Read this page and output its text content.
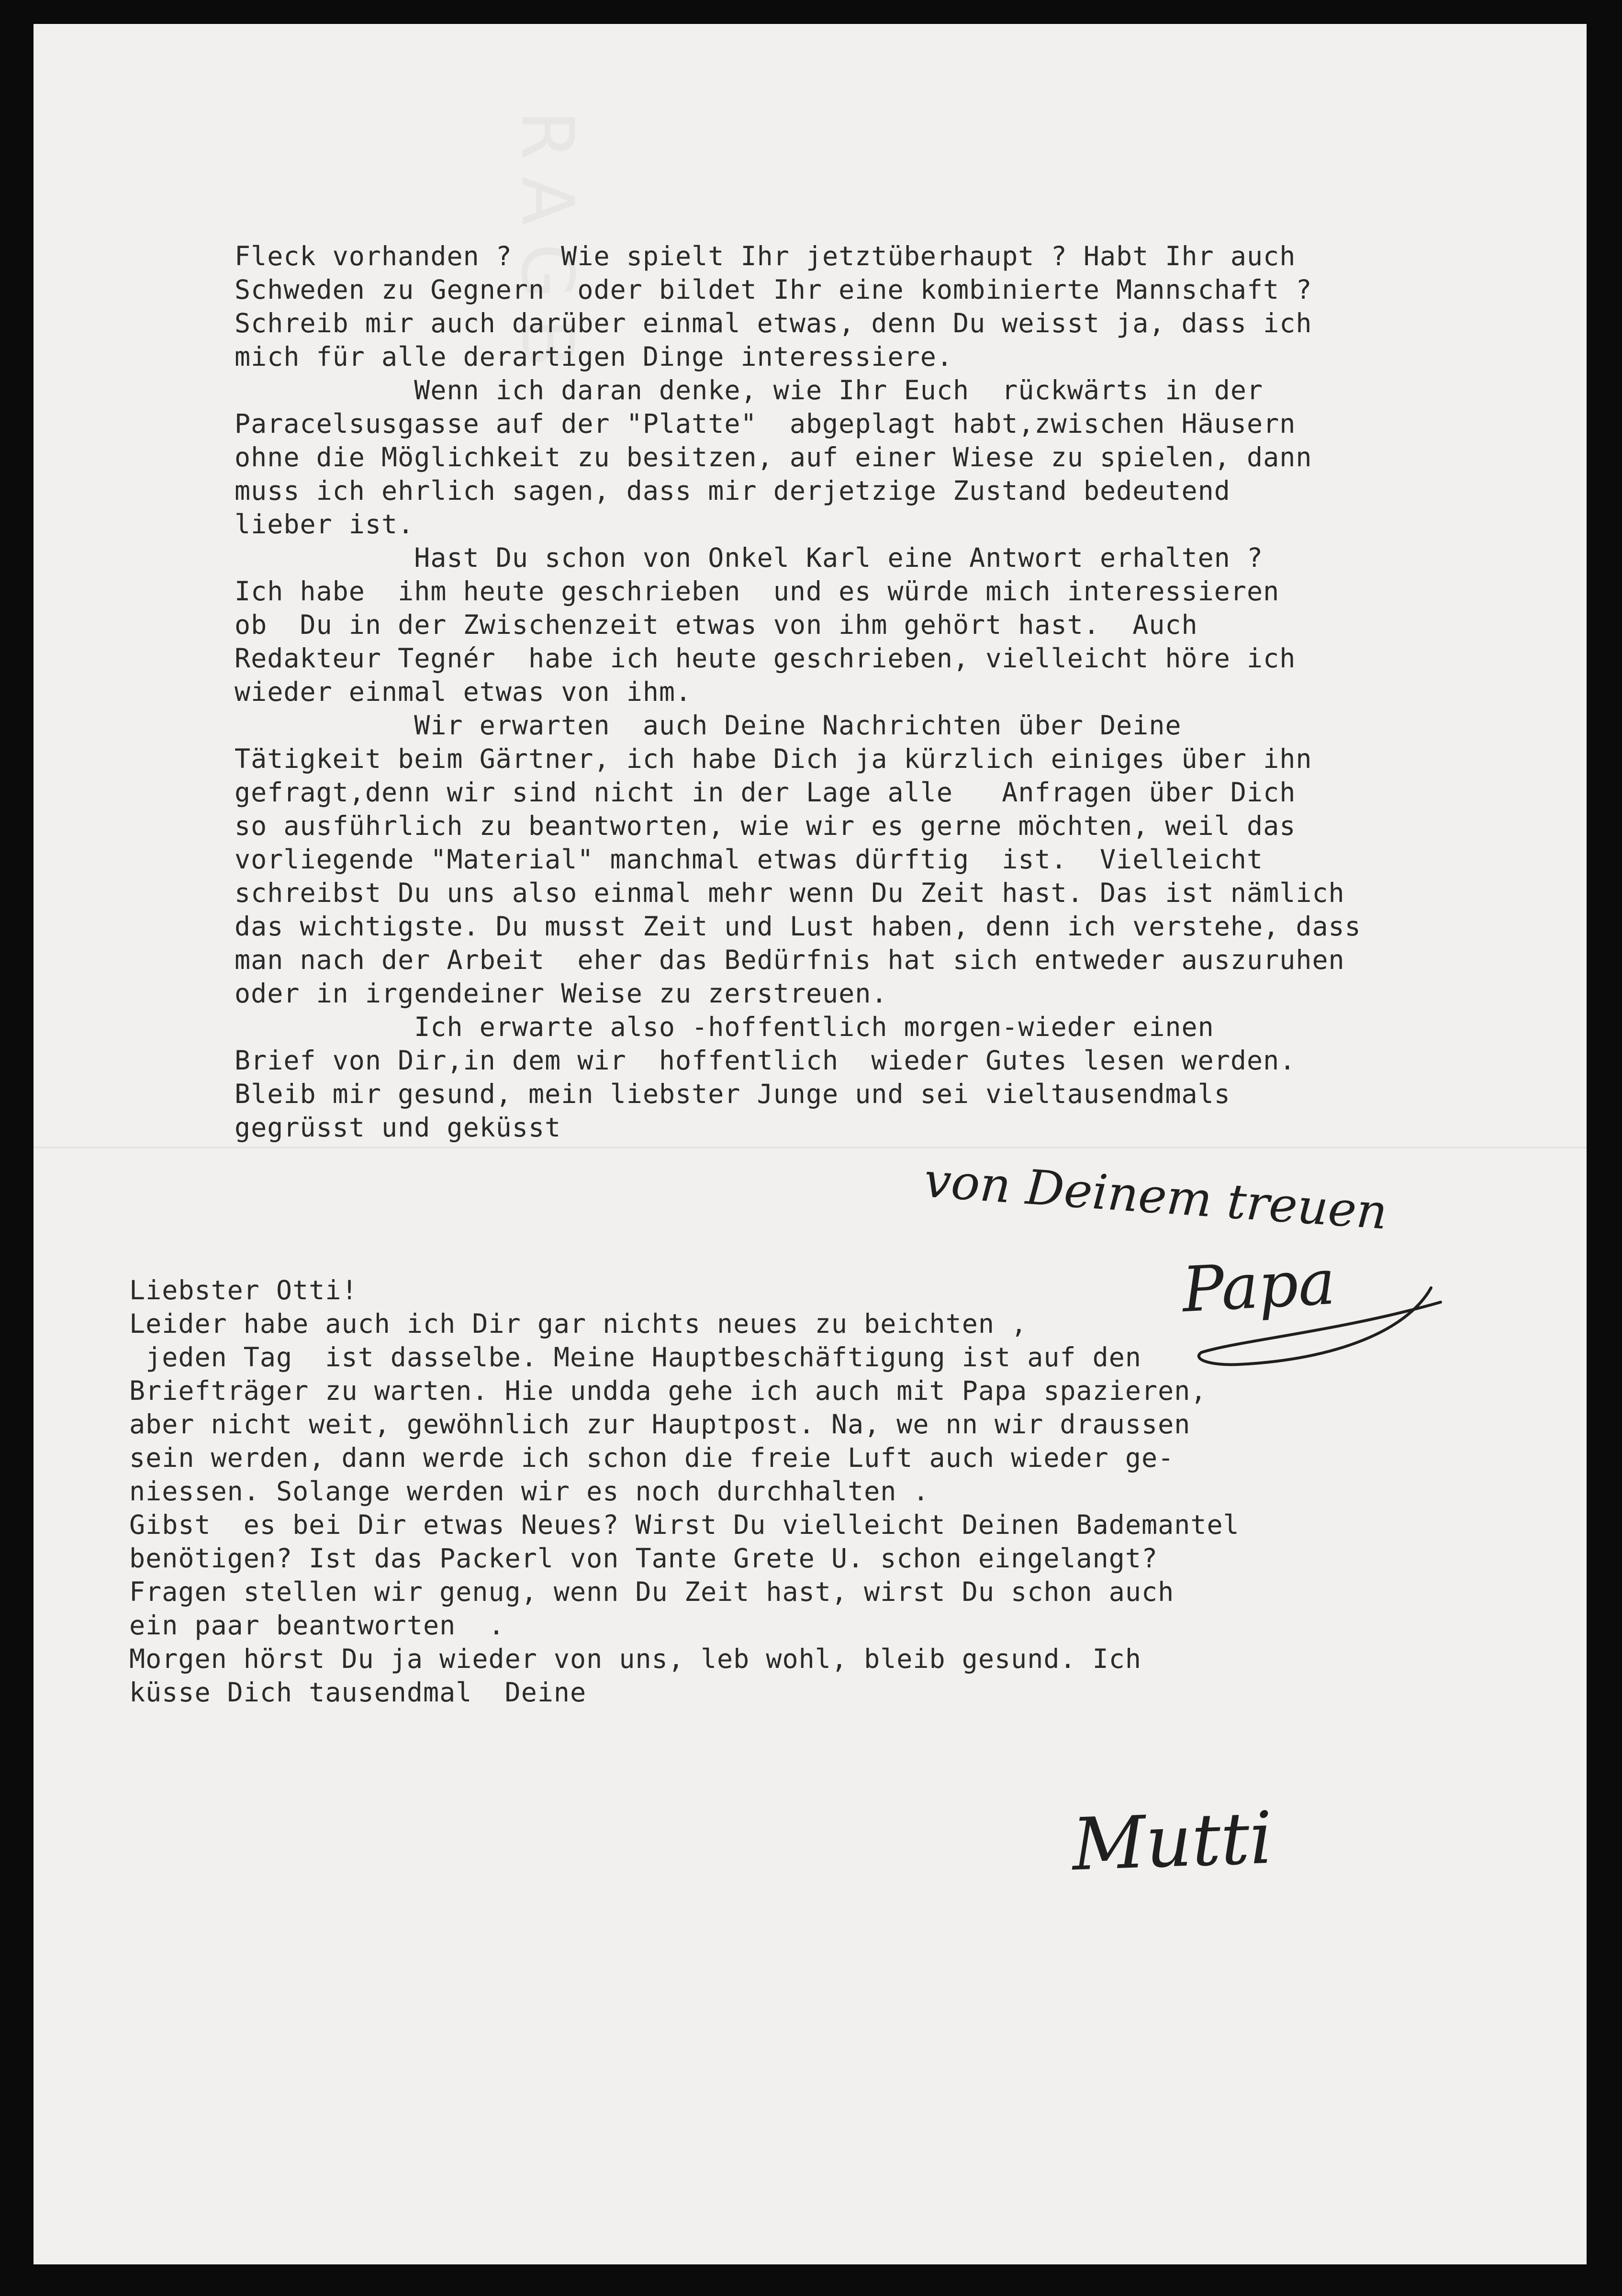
Fleck vorhanden ?   Wie spielt Ihr jetztüberhaupt ? Habt Ihr auch
Schweden zu Gegnern  oder bildet Ihr eine kombinierte Mannschaft ?
Schreib mir auch darüber einmal etwas, denn Du weisst ja, dass ich
mich für alle derartigen Dinge interessiere.
Wenn ich daran denke, wie Ihr Euch  rückwärts in der
Paracelsusgasse auf der "Platte"  abgeplagt habt,zwischen Häusern
ohne die Möglichkeit zu besitzen, auf einer Wiese zu spielen, dann
muss ich ehrlich sagen, dass mir derjetzige Zustand bedeutend
lieber ist.
Hast Du schon von Onkel Karl eine Antwort erhalten ?
Ich habe  ihm heute geschrieben  und es würde mich interessieren
ob  Du in der Zwischenzeit etwas von ihm gehört hast.  Auch
Redakteur Tegnér  habe ich heute geschrieben, vielleicht höre ich
wieder einmal etwas von ihm.
Wir erwarten  auch Deine Nachrichten über Deine
Tätigkeit beim Gärtner, ich habe Dich ja kürzlich einiges über ihn
gefragt,denn wir sind nicht in der Lage alle   Anfragen über Dich
so ausführlich zu beantworten, wie wir es gerne möchten, weil das
vorliegende "Material" manchmal etwas dürftig  ist.  Vielleicht
schreibst Du uns also einmal mehr wenn Du Zeit hast. Das ist nämlich
das wichtigste. Du musst Zeit und Lust haben, denn ich verstehe, dass
man nach der Arbeit  eher das Bedürfnis hat sich entweder auszuruhen
oder in irgendeiner Weise zu zerstreuen.
Ich erwarte also -hoffentlich morgen-wieder einen
Brief von Dir,in dem wir  hoffentlich  wieder Gutes lesen werden.
Bleib mir gesund, mein liebster Junge und sei vieltausendmals
gegrüsst und geküsst
von Deinem treuen
Papa
Liebster Otti!
Leider habe auch ich Dir gar nichts neues zu beichten ,
jeden Tag  ist dasselbe. Meine Hauptbeschäftigung ist auf den
Briefträger zu warten. Hie undda gehe ich auch mit Papa spazieren,
aber nicht weit, gewöhnlich zur Hauptpost. Na, we nn wir draussen
sein werden, dann werde ich schon die freie Luft auch wieder ge-
niessen. Solange werden wir es noch durchhalten .
Gibst  es bei Dir etwas Neues? Wirst Du vielleicht Deinen Bademantel
benötigen? Ist das Packerl von Tante Grete U. schon eingelangt?
Fragen stellen wir genug, wenn Du Zeit hast, wirst Du schon auch
ein paar beantworten  .
Morgen hörst Du ja wieder von uns, leb wohl, bleib gesund. Ich
küsse Dich tausendmal  Deine
Mutti
